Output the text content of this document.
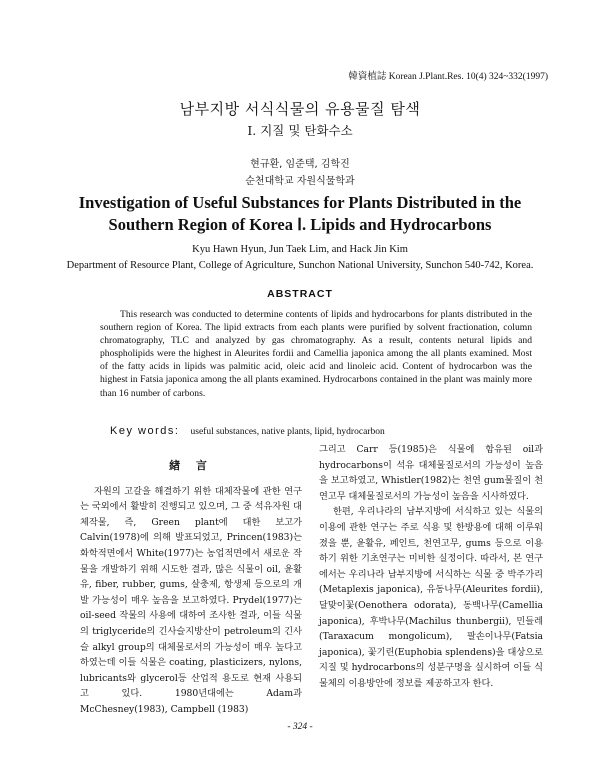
韓資植誌 Korean J.Plant.Res. 10(4) 324~332(1997)
남부지방 서식식물의 유용물질 탐색
Ⅰ. 지질 및 탄화수소
현규환, 임준택, 김학진
순천대학교 자원식물학과
Investigation of Useful Substances for Plants Distributed in the Southern Region of Korea Ⅰ. Lipids and Hydrocarbons
Kyu Hawn Hyun, Jun Taek Lim, and Hack Jin Kim
Department of Resource Plant, College of Agriculture, Sunchon National University, Sunchon 540-742, Korea.
ABSTRACT

This research was conducted to determine contents of lipids and hydrocarbons for plants distributed in the southern region of Korea. The lipid extracts from each plants were purified by solvent fractionation, column chromatography, TLC and analyzed by gas chromatography. As a result, contents netural lipids and phospholipids were the highest in Aleurites fordii and Camellia japonica among the all plants examined. Most of the fatty acids in lipids was palmitic acid, oleic acid and linoleic acid. Content of hydrocarbon was the highest in Fatsia japonica among the all plants examined. Hydrocarbons contained in the plant was mainly more than 16 number of carbons.

Key words: useful substances, native plants, lipid, hydrocarbon
緖 言

자원의 고갈을 해결하기 위한 대체작물에 관한 연구는 국외에서 활발히 진행되고 있으며, 그 중 석유자원 대체작물, 즉, Green plant에 대한 보고가 Calvin(1978)에 의해 발표되었고, Princen(1983)는 화학적면에서 White(1977)는 농업적면에서 새로운 작물을 개발하기 위해 시도한 결과, 많은 식물이 oil, 윤활유, fiber, rubber, gums, 살충제, 항생제 등으로의 개발 가능성이 매우 높음을 보고하였다. Prydel(1977)는 oil-seed 작물의 사용에 대하여 조사한 결과, 이들 식물의 triglyceride의 긴사슬지방산이 petroleum의 긴사슬 alkyl group의 대체물로서의 가능성이 매우 높다고 하였는데 이들 식물은 coating, plasticizers, nylons, lubricants와 glycerol등 산업적 용도로 현재 사용되고 있다. 1980년대에는 Adam과 McChesney(1983), Campbell (1983)

그리고 Carr 등(1985)은 식물에 함유된 oil과 hydrocarbons이 석유 대체물질로서의 가능성이 높음을 보고하였고, Whistler(1982)는 천연 gum물질이 천연고무 대체물질로서의 가능성이 높음을 시사하였다.

한편, 우리나라의 남부지방에 서식하고 있는 식물의 이용에 관한 연구는 주로 식용 및 한방용에 대해 이루워졌을 뿐, 윤활유, 페인트, 천연고무, gums 등으로 이용하기 위한 기초연구는 미비한 실정이다. 따라서, 본 연구에서는 우리나라 남부지방에 서식하는 식물 중 박주가리(Metaplexis japonica), 유동나무(Aleurites fordii), 달맞이꽃(Oenothera odorata), 동백나무(Camellia japonica), 후박나무(Machilus thunbergii), 민들레(Taraxacum mongolicum), 팔손이나무(Fatsia japonica), 꽃기린(Euphobia splendens)을 대상으로 지질 및 hydrocarbons의 성분구명을 실시하여 이들 식물체의 이용방안에 정보를 제공하고자 한다.

- 324 -
